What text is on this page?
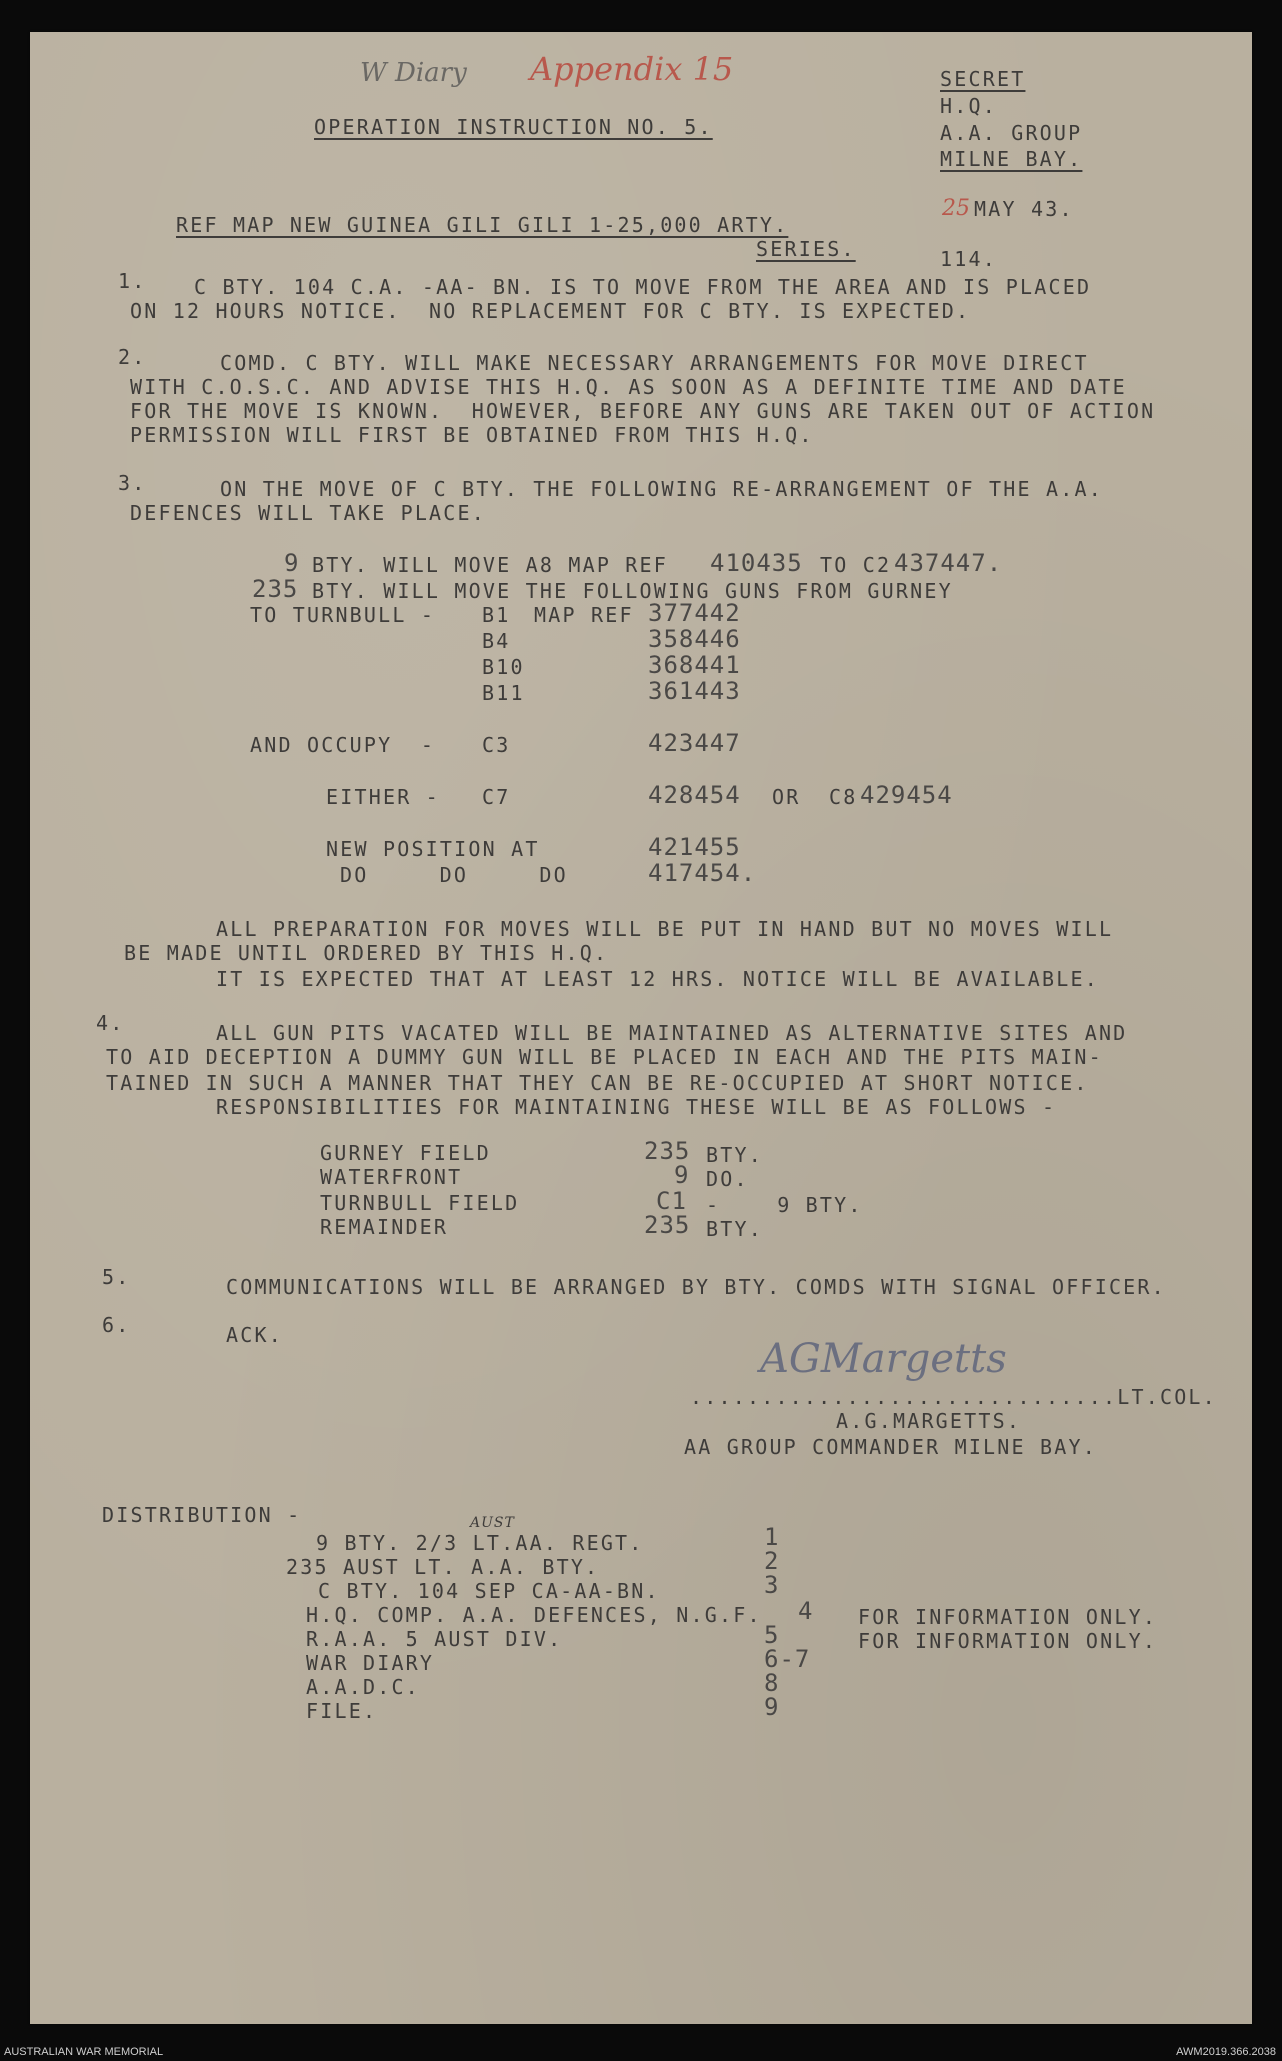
W Diary Appendix 15	SECRET
H.Q.
A.A. GROUP
MILNE BAY.
25 MAY 43.
114.
OPERATION INSTRUCTION NO. 5.
REF MAP NEW GUINEA GILI GILI 1-25,000 ARTY.
SERIES.
1. C BTY. 104 C.A. -AA- BN. IS TO MOVE FROM THE AREA AND IS PLACED
ON 12 HOURS NOTICE.  NO REPLACEMENT FOR C BTY. IS EXPECTED.
2.	COMD. C BTY. WILL MAKE NECESSARY ARRANGEMENTS FOR MOVE DIRECT
WITH C.O.S.C. AND ADVISE THIS H.Q. AS SOON AS A DEFINITE TIME AND DATE
FOR THE MOVE IS KNOWN.  HOWEVER, BEFORE ANY GUNS ARE TAKEN OUT OF ACTION
PERMISSION WILL FIRST BE OBTAINED FROM THIS H.Q.
3.	ON THE MOVE OF C BTY. THE FOLLOWING RE-ARRANGEMENT OF THE A.A.
DEFENCES WILL TAKE PLACE.
9 BTY. WILL MOVE A8 MAP REF 410435 TO C2 437447.
235 BTY. WILL MOVE THE FOLLOWING GUNS FROM GURNEY
TO TURNBULL - B1 MAP REF 377442
B4	358446
B10	368441
B11	361443
AND OCCUPY  - C3	423447
EITHER - C7	428454 OR  C8 429454
NEW POSITION AT	421455
DO     DO     DO	417454.
ALL PREPARATION FOR MOVES WILL BE PUT IN HAND BUT NO MOVES WILL
BE MADE UNTIL ORDERED BY THIS H.Q.
IT IS EXPECTED THAT AT LEAST 12 HRS. NOTICE WILL BE AVAILABLE.
4.	ALL GUN PITS VACATED WILL BE MAINTAINED AS ALTERNATIVE SITES AND
TO AID DECEPTION A DUMMY GUN WILL BE PLACED IN EACH AND THE PITS MAIN-
TAINED IN SUCH A MANNER THAT THEY CAN BE RE-OCCUPIED AT SHORT NOTICE.
RESPONSIBILITIES FOR MAINTAINING THESE WILL BE AS FOLLOWS -
GURNEY FIELD	235 BTY.
WATERFRONT	9 DO.
TURNBULL FIELD	C1 -    9 BTY.
REMAINDER	235 BTY.
5.	COMMUNICATIONS WILL BE ARRANGED BY BTY. COMDS WITH SIGNAL OFFICER.
6.	ACK.
AGMargetts
..............................LT.COL.
A.G.MARGETTS.
AA GROUP COMMANDER MILNE BAY.
DISTRIBUTION -	AUST
9 BTY. 2/3 LT.AA. REGT.	1
235 AUST LT. A.A. BTY.	2
C BTY. 104 SEP CA-AA-BN.	3
H.Q. COMP. A.A. DEFENCES, N.G.F. 4 FOR INFORMATION ONLY.
R.A.A. 5 AUST DIV.	5	FOR INFORMATION ONLY.
WAR DIARY	6-7
A.A.D.C.	8
FILE.	9
AUSTRALIAN WAR MEMORIAL	AWM2019.366.2038
